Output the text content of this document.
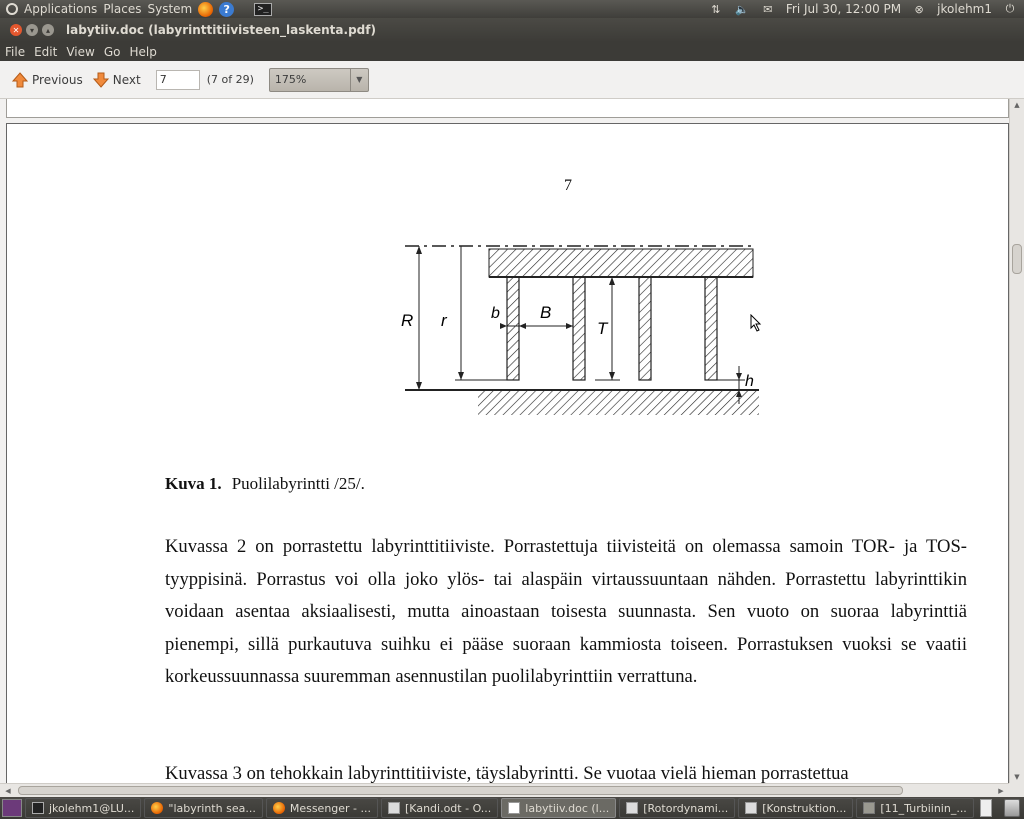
Applications Places System	?	>_	⇅	🔈	✉ Fri Jul 30, 12:00 PM	⊗ jkolehm1	⏻
✕	▾	▴	labytiiv.doc (labyrinttitiivisteen_laskenta.pdf)
File Edit View Go Help
Previous	Next
7	(7 of 29) 175%	▼
7
R r	b B
T
h
Kuva 1. Puolilabyrintti /25/.

Kuvassa 2 on porrastettu labyrinttitiiviste. Porrastettuja tiivisteitä on olemassa samoin TOR- ja TOS- tyyppisinä. Porrastus voi olla joko ylös- tai alaspäin virtaussuuntaan nähden. Porrastettu labyrinttikin voidaan asentaa aksiaalisesti, mutta ainoastaan toisesta suunnasta. Sen vuoto on suoraa labyrinttiä pienempi, sillä purkautuva suihku ei pääse suoraan kammiosta toiseen. Porrastuksen vuoksi se vaatii korkeussuunnassa suuremman asennustilan puolilabyrinttiin verrattuna.

Kuvassa 3 on tehokkain labyrinttitiiviste, täyslabyrintti. Se vuotaa vielä hieman porrastettua

▲
▼
◀	▶
jkolehm1@LU...	"labyrinth sea...	Messenger - ...	[Kandi.odt - O...	labytiiv.doc (l...	[Rotordynami...	[Konstruktion...	[11_Turbiinin_...
